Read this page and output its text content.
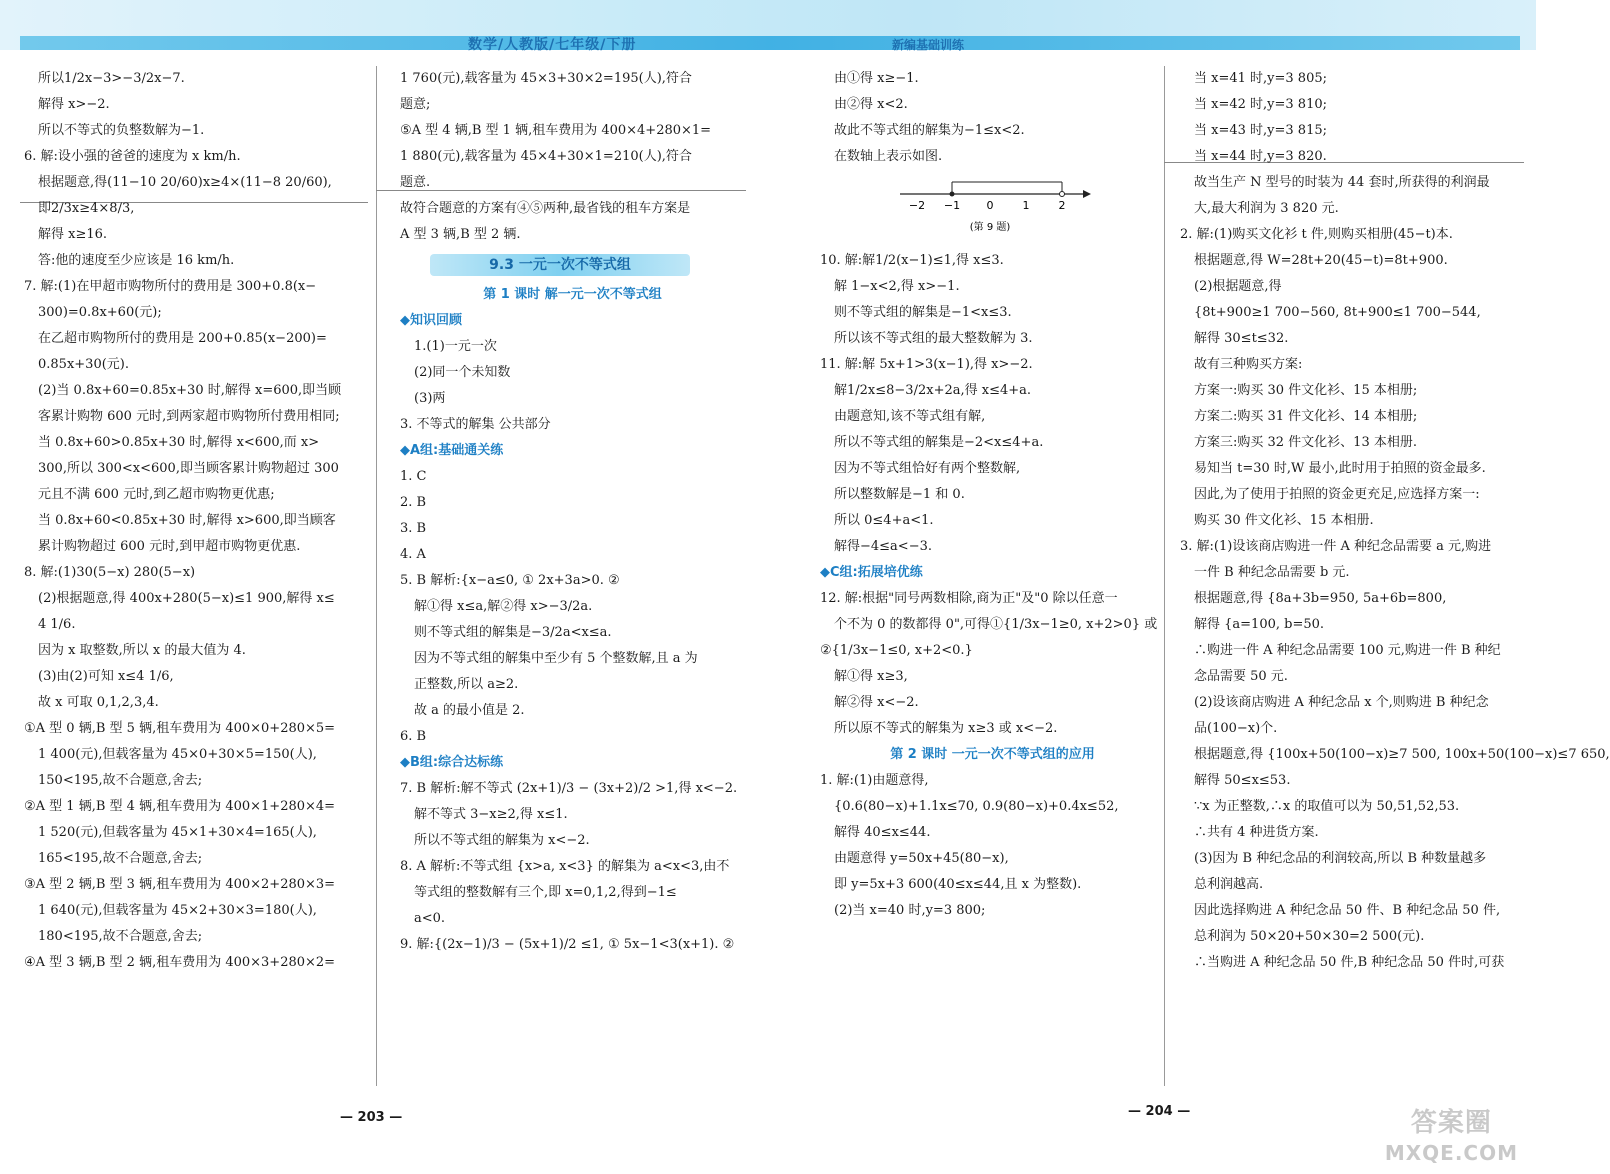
数学/人教版/七年级/下册	新编基础训练

所以1/2x−3>−3/2x−7.

解得 x>−2.

所以不等式的负整数解为−1.

6. 解:设小强的爸爸的速度为 x km/h.

根据题意,得(11−10 20/60)x≥4×(11−8 20/60),

即2/3x≥4×8/3,

解得 x≥16.

答:他的速度至少应该是 16 km/h.

7. 解:(1)在甲超市购物所付的费用是 300+0.8(x−

300)=0.8x+60(元);

在乙超市购物所付的费用是 200+0.85(x−200)=

0.85x+30(元).

(2)当 0.8x+60=0.85x+30 时,解得 x=600,即当顾

客累计购物 600 元时,到两家超市购物所付费用相同;

当 0.8x+60>0.85x+30 时,解得 x<600,而 x>

300,所以 300<x<600,即当顾客累计购物超过 300

元且不满 600 元时,到乙超市购物更优惠;

当 0.8x+60<0.85x+30 时,解得 x>600,即当顾客

累计购物超过 600 元时,到甲超市购物更优惠.

8. 解:(1)30(5−x) 280(5−x)

(2)根据题意,得 400x+280(5−x)≤1 900,解得 x≤

4 1/6.

因为 x 取整数,所以 x 的最大值为 4.

(3)由(2)可知 x≤4 1/6,

故 x 可取 0,1,2,3,4.

①A 型 0 辆,B 型 5 辆,租车费用为 400×0+280×5=

1 400(元),但载客量为 45×0+30×5=150(人),

150<195,故不合题意,舍去;

②A 型 1 辆,B 型 4 辆,租车费用为 400×1+280×4=

1 520(元),但载客量为 45×1+30×4=165(人),

165<195,故不合题意,舍去;

③A 型 2 辆,B 型 3 辆,租车费用为 400×2+280×3=

1 640(元),但载客量为 45×2+30×3=180(人),

180<195,故不合题意,舍去;

④A 型 3 辆,B 型 2 辆,租车费用为 400×3+280×2=

1 760(元),载客量为 45×3+30×2=195(人),符合

题意;

⑤A 型 4 辆,B 型 1 辆,租车费用为 400×4+280×1=

1 880(元),载客量为 45×4+30×1=210(人),符合

题意.

故符合题意的方案有④⑤两种,最省钱的租车方案是

A 型 3 辆,B 型 2 辆.

9.3 一元一次不等式组

第 1 课时 解一元一次不等式组

◆知识回顾

1.(1)一元一次

(2)同一个未知数

(3)两

3. 不等式的解集 公共部分

◆A组:基础通关练

1. C

2. B

3. B

4. A

5. B 解析:{x−a≤0, ① 2x+3a>0. ②

解①得 x≤a,解②得 x>−3/2a.

则不等式组的解集是−3/2a<x≤a.

因为不等式组的解集中至少有 5 个整数解,且 a 为

正整数,所以 a≥2.

故 a 的最小值是 2.

6. B

◆B组:综合达标练

7. B 解析:解不等式 (2x+1)/3 − (3x+2)/2 >1,得 x<−2.

解不等式 3−x≥2,得 x≤1.

所以不等式组的解集为 x<−2.

8. A 解析:不等式组 {x>a, x<3} 的解集为 a<x<3,由不

等式组的整数解有三个,即 x=0,1,2,得到−1≤

a<0.

9. 解:{(2x−1)/3 − (5x+1)/2 ≤1, ① 5x−1<3(x+1). ②

由①得 x≥−1.

由②得 x<2.

故此不等式组的解集为−1≤x<2.

在数轴上表示如图.

10. 解:解1/2(x−1)≤1,得 x≤3.

解 1−x<2,得 x>−1.

则不等式组的解集是−1<x≤3.

所以该不等式组的最大整数解为 3.

11. 解:解 5x+1>3(x−1),得 x>−2.

解1/2x≤8−3/2x+2a,得 x≤4+a.

由题意知,该不等式组有解,

所以不等式组的解集是−2<x≤4+a.

因为不等式组恰好有两个整数解,

所以整数解是−1 和 0.

所以 0≤4+a<1.

解得−4≤a<−3.

◆C组:拓展培优练

12. 解:根据"同号两数相除,商为正"及"0 除以任意一

个不为 0 的数都得 0",可得①{1/3x−1≥0, x+2>0} 或

②{1/3x−1≤0, x+2<0.}

解①得 x≥3,

解②得 x<−2.

所以原不等式的解集为 x≥3 或 x<−2.

第 2 课时 一元一次不等式组的应用

1. 解:(1)由题意得,

{0.6(80−x)+1.1x≤70, 0.9(80−x)+0.4x≤52,

解得 40≤x≤44.

由题意得 y=50x+45(80−x),

即 y=5x+3 600(40≤x≤44,且 x 为整数).

(2)当 x=40 时,y=3 800;

−2 −1 0	1	2
(第 9 题)

当 x=41 时,y=3 805;

当 x=42 时,y=3 810;

当 x=43 时,y=3 815;

当 x=44 时,y=3 820.

故当生产 N 型号的时装为 44 套时,所获得的利润最

大,最大利润为 3 820 元.

2. 解:(1)购买文化衫 t 件,则购买相册(45−t)本.

根据题意,得 W=28t+20(45−t)=8t+900.

(2)根据题意,得

{8t+900≥1 700−560, 8t+900≤1 700−544,

解得 30≤t≤32.

故有三种购买方案:

方案一:购买 30 件文化衫、15 本相册;

方案二:购买 31 件文化衫、14 本相册;

方案三:购买 32 件文化衫、13 本相册.

易知当 t=30 时,W 最小,此时用于拍照的资金最多.

因此,为了使用于拍照的资金更充足,应选择方案一:

购买 30 件文化衫、15 本相册.

3. 解:(1)设该商店购进一件 A 种纪念品需要 a 元,购进

一件 B 种纪念品需要 b 元.

根据题意,得 {8a+3b=950, 5a+6b=800,

解得 {a=100, b=50.

∴购进一件 A 种纪念品需要 100 元,购进一件 B 种纪

念品需要 50 元.

(2)设该商店购进 A 种纪念品 x 个,则购进 B 种纪念

品(100−x)个.

根据题意,得 {100x+50(100−x)≥7 500, 100x+50(100−x)≤7 650,

解得 50≤x≤53.

∵x 为正整数,∴x 的取值可以为 50,51,52,53.

∴共有 4 种进货方案.

(3)因为 B 种纪念品的利润较高,所以 B 种数量越多

总利润越高.

因此选择购进 A 种纪念品 50 件、B 种纪念品 50 件,

总利润为 50×20+50×30=2 500(元).

∴当购进 A 种纪念品 50 件,B 种纪念品 50 件时,可获

— 203 —	— 204 —	答案圈
MXQE.COM
